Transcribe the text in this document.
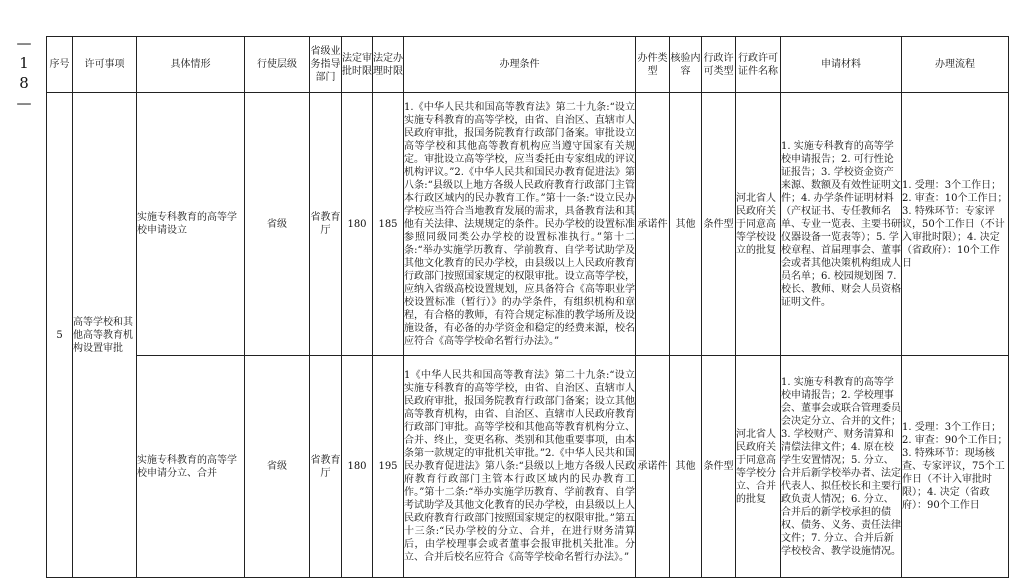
—18—	序号	许可事项	具体情形	行使层级	省级业务指导部门	法定审批时限	法定办理时限	办理条件	办件类型	核验内容	行政许可类型	行政许可证件名称	申请材料	办理流程
5	高等学校和其他高等教育机构设置审批	实施专科教育的高等学校申请设立	省级	省教育厅	180	185	1.《中华人民共和国高等教育法》第二十九条:“设立实施专科教育的高等学校，由省、自治区、直辖市人民政府审批，报国务院教育行政部门备案。审批设立高等学校和其他高等教育机构应当遵守国家有关规定。审批设立高等学校，应当委托由专家组成的评议机构评议。”2.《中华人民共和国民办教育促进法》第八条:“县级以上地方各级人民政府教育行政部门主管本行政区域内的民办教育工作。”第十一条:“设立民办学校应当符合当地教育发展的需求，具备教育法和其他有关法律、法规规定的条件。民办学校的设置标准参照同级同类公办学校的设置标准执行。”第十二条:“举办实施学历教育、学前教育、自学考试助学及其他文化教育的民办学校，由县级以上人民政府教育行政部门按照国家规定的权限审批。设立高等学校，应纳入省级高校设置规划，应具备符合《高等职业学校设置标准（暂行）》的办学条件，有组织机构和章程，有合格的教师，有符合规定标准的教学场所及设施设备，有必备的办学资金和稳定的经费来源，校名应符合《高等学校命名暂行办法》。”	承诺件	其他	条件型	河北省人民政府关于同意高等学校设立的批复	1. 实施专科教育的高等学校申请报告；2. 可行性论证报告；3. 学校资金资产来源、数额及有效性证明文件；4. 办学条件证明材料（产权证书、专任教师名单、专业一览表、主要书研仪器设备一览表等）；5. 学校章程、首届理事会、董事会或者其他决策机构组成人员名单；6. 校园规划图 7. 校长、教师、财会人员资格证明文件。	1. 受理：3个工作日；2. 审查：10个工作日；3. 特殊环节：专家评议，50个工作日（不计入审批时限）；4. 决定（省政府）：10个工作日
		实施专科教育的高等学校申请分立、合并	省级	省教育厅	180	195	1《中华人民共和国高等教育法》第二十九条:“设立实施专科教育的高等学校，由省、自治区、直辖市人民政府审批，报国务院教育行政部门备案；设立其他高等教育机构，由省、自治区、直辖市人民政府教育行政部门审批。高等学校和其他高等教育机构分立、合并、终止，变更名称、类别和其他重要事项，由本条第一款规定的审批机关审批。”2.《中华人民共和国民办教育促进法》第八条:“县级以上地方各级人民政府教育行政部门主管本行政区域内的民办教育工作。”第十二条:“举办实施学历教育、学前教育、自学考试助学及其他文化教育的民办学校，由县级以上人民政府教育行政部门按照国家规定的权限审批。”第五十三条:“民办学校的分立、合并，在进行财务清算后，由学校理事会或者董事会报审批机关批准。分立、合并后校名应符合《高等学校命名暂行办法》。”	承诺件	其他	条件型	河北省人民政府关于同意高等学校分立、合并的批复	1. 实施专科教育的高等学校申请报告；2. 学校理事会、董事会或联合管理委员会决定分立、合并的文件；3. 学校财产、财务清算和清偿法律文件；4. 原在校学生安置情况；5. 分立、合并后新学校举办者、法定代表人、拟任校长和主要行政负责人情况；6. 分立、合并后的新学校承担的债权、债务、义务、责任法律文件；7. 分立、合并后新学校校舍、教学设施情况。	1. 受理：3个工作日；2. 审查：90个工作日；3. 特殊环节：现场核查、专家评议，75个工作日（不计入审批时限）；4. 决定（省政府）：90个工作日
